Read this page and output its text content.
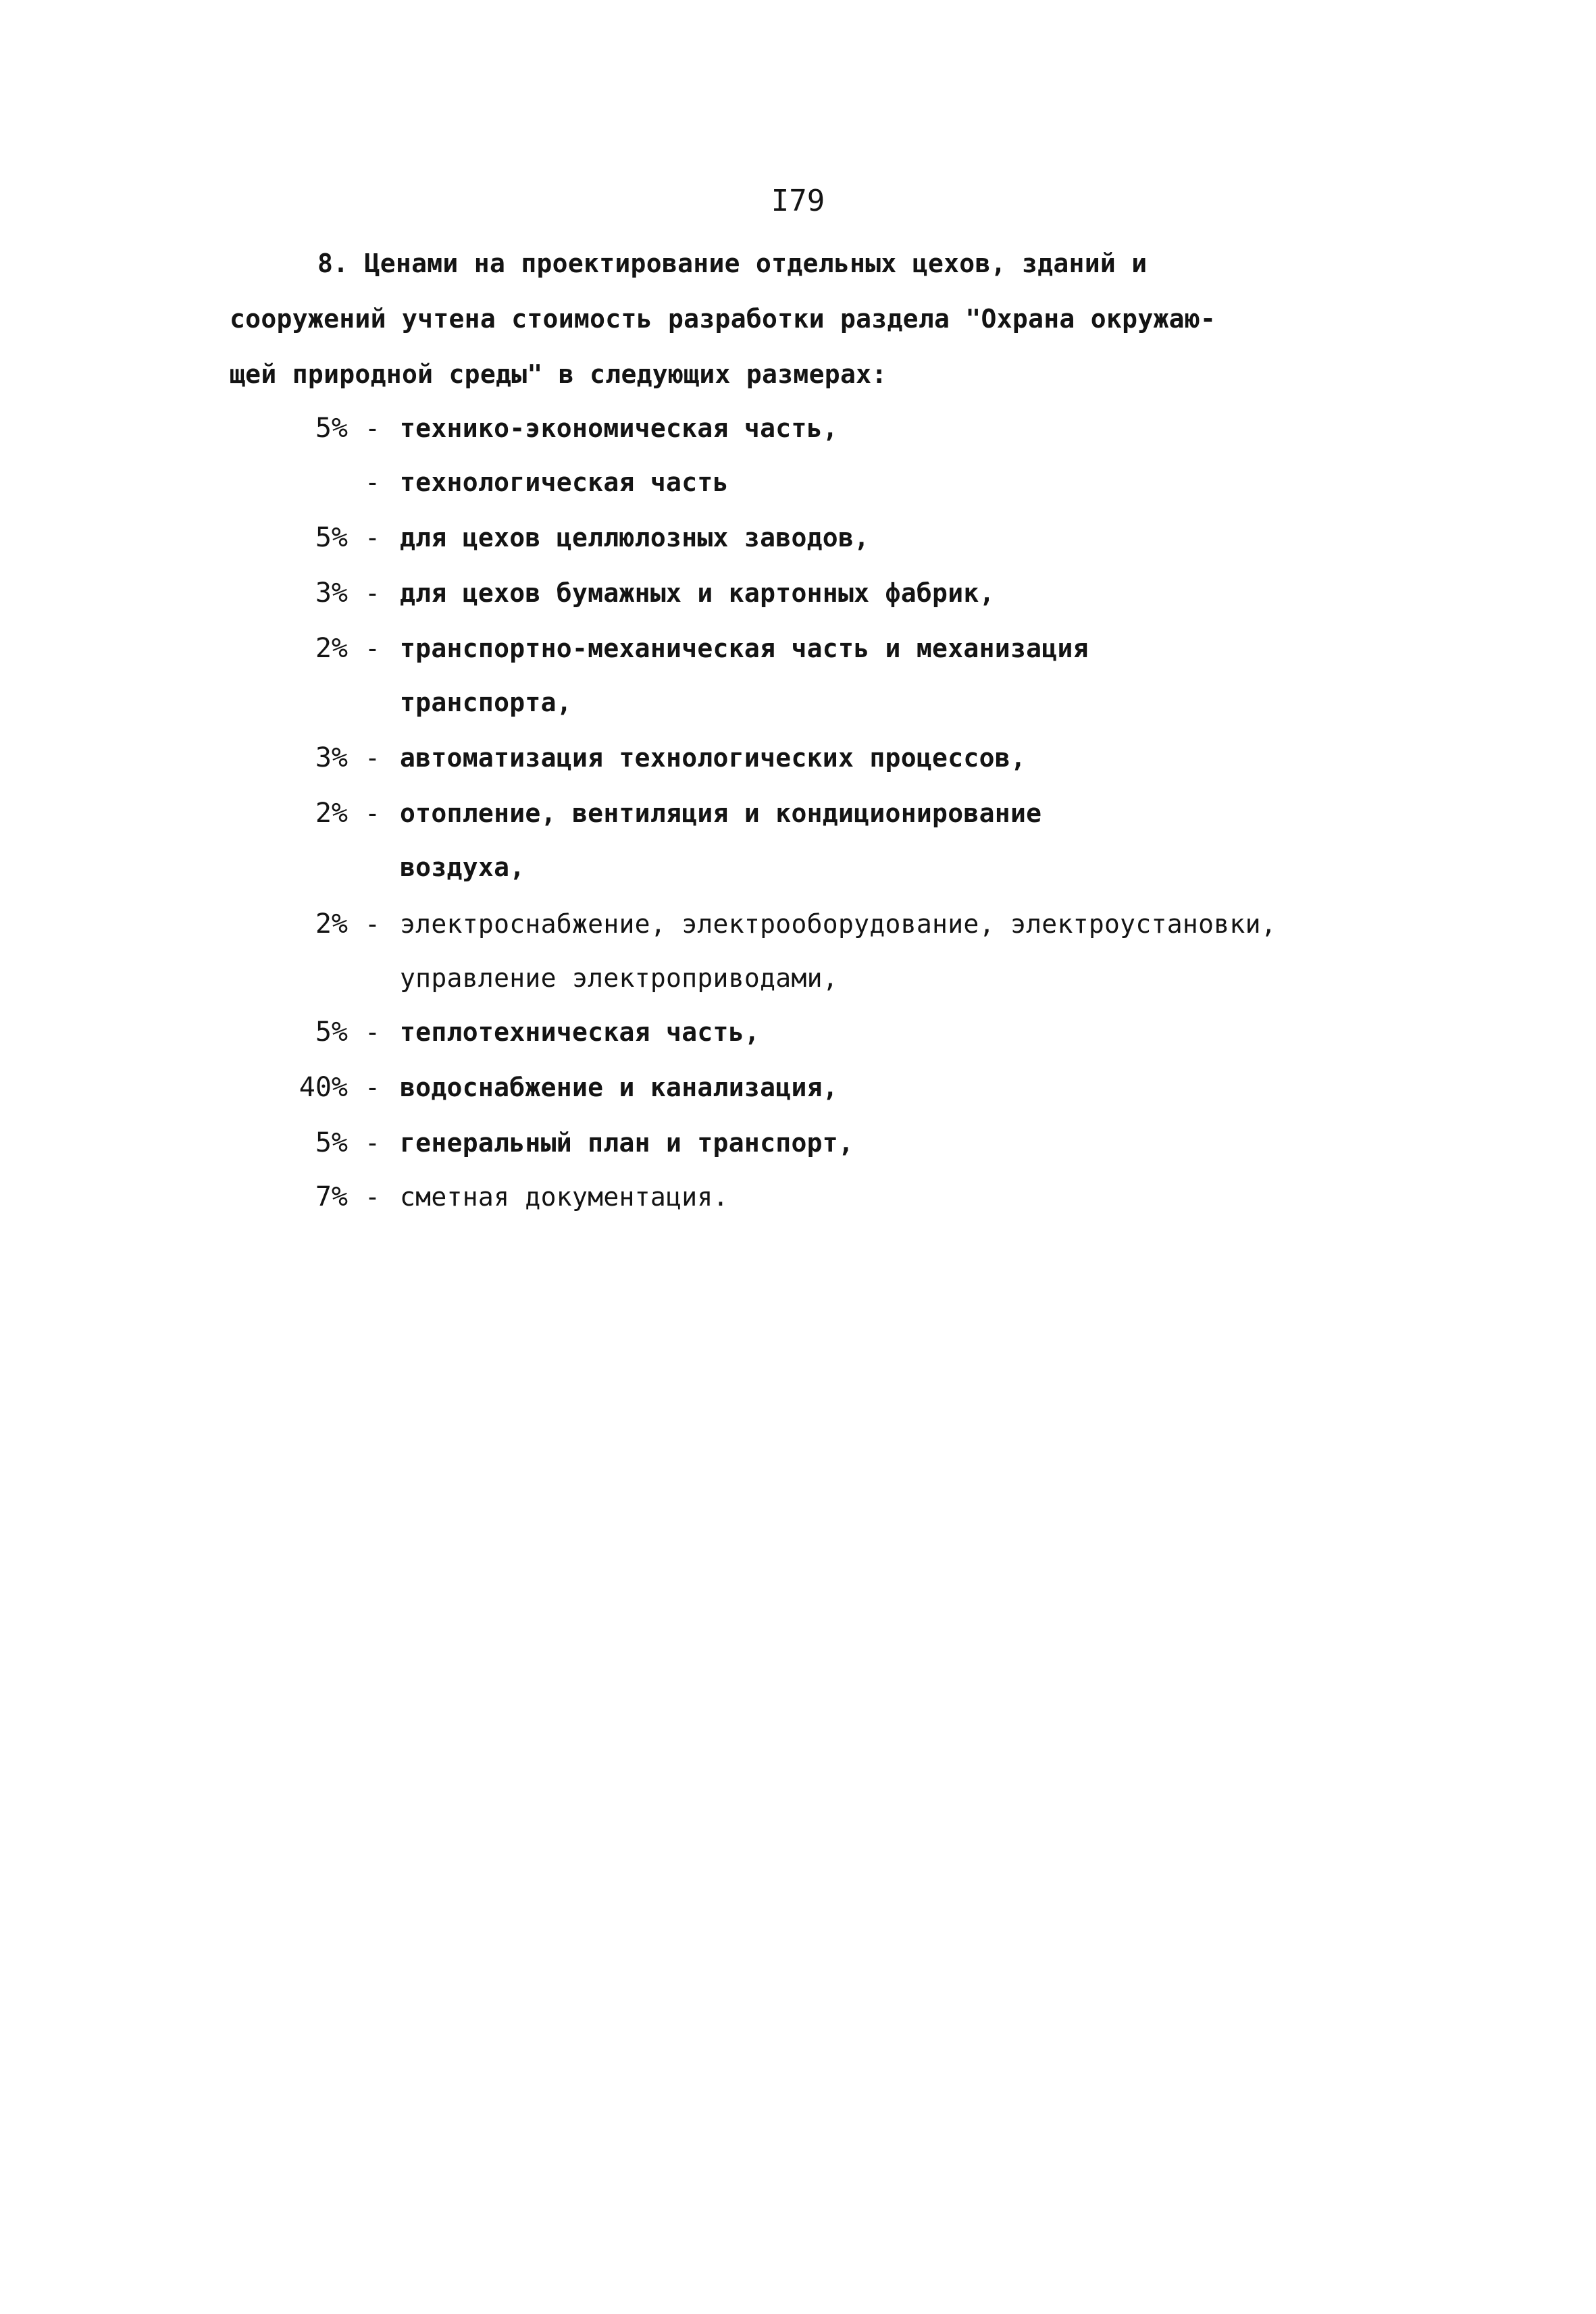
I79
8. Ценами на проектирование отдельных цехов, зданий и
сооружений учтена стоимость разработки раздела "Охрана окружаю-
щей природной среды" в следующих размерах:
5% - технико-экономическая часть,
- технологическая часть
5% - для цехов целлюлозных заводов,
3% - для цехов бумажных и картонных фабрик,
2% - транспортно-механическая часть и механизация
транспорта,
3% - автоматизация технологических процессов,
2% - отопление, вентиляция и кондиционирование
воздуха,
2% - электроснабжение, электрооборудование, электроустановки,
управление электроприводами,
5% - теплотехническая часть,
40% - водоснабжение и канализация,
5% - генеральный план и транспорт,
7% - сметная документация.
